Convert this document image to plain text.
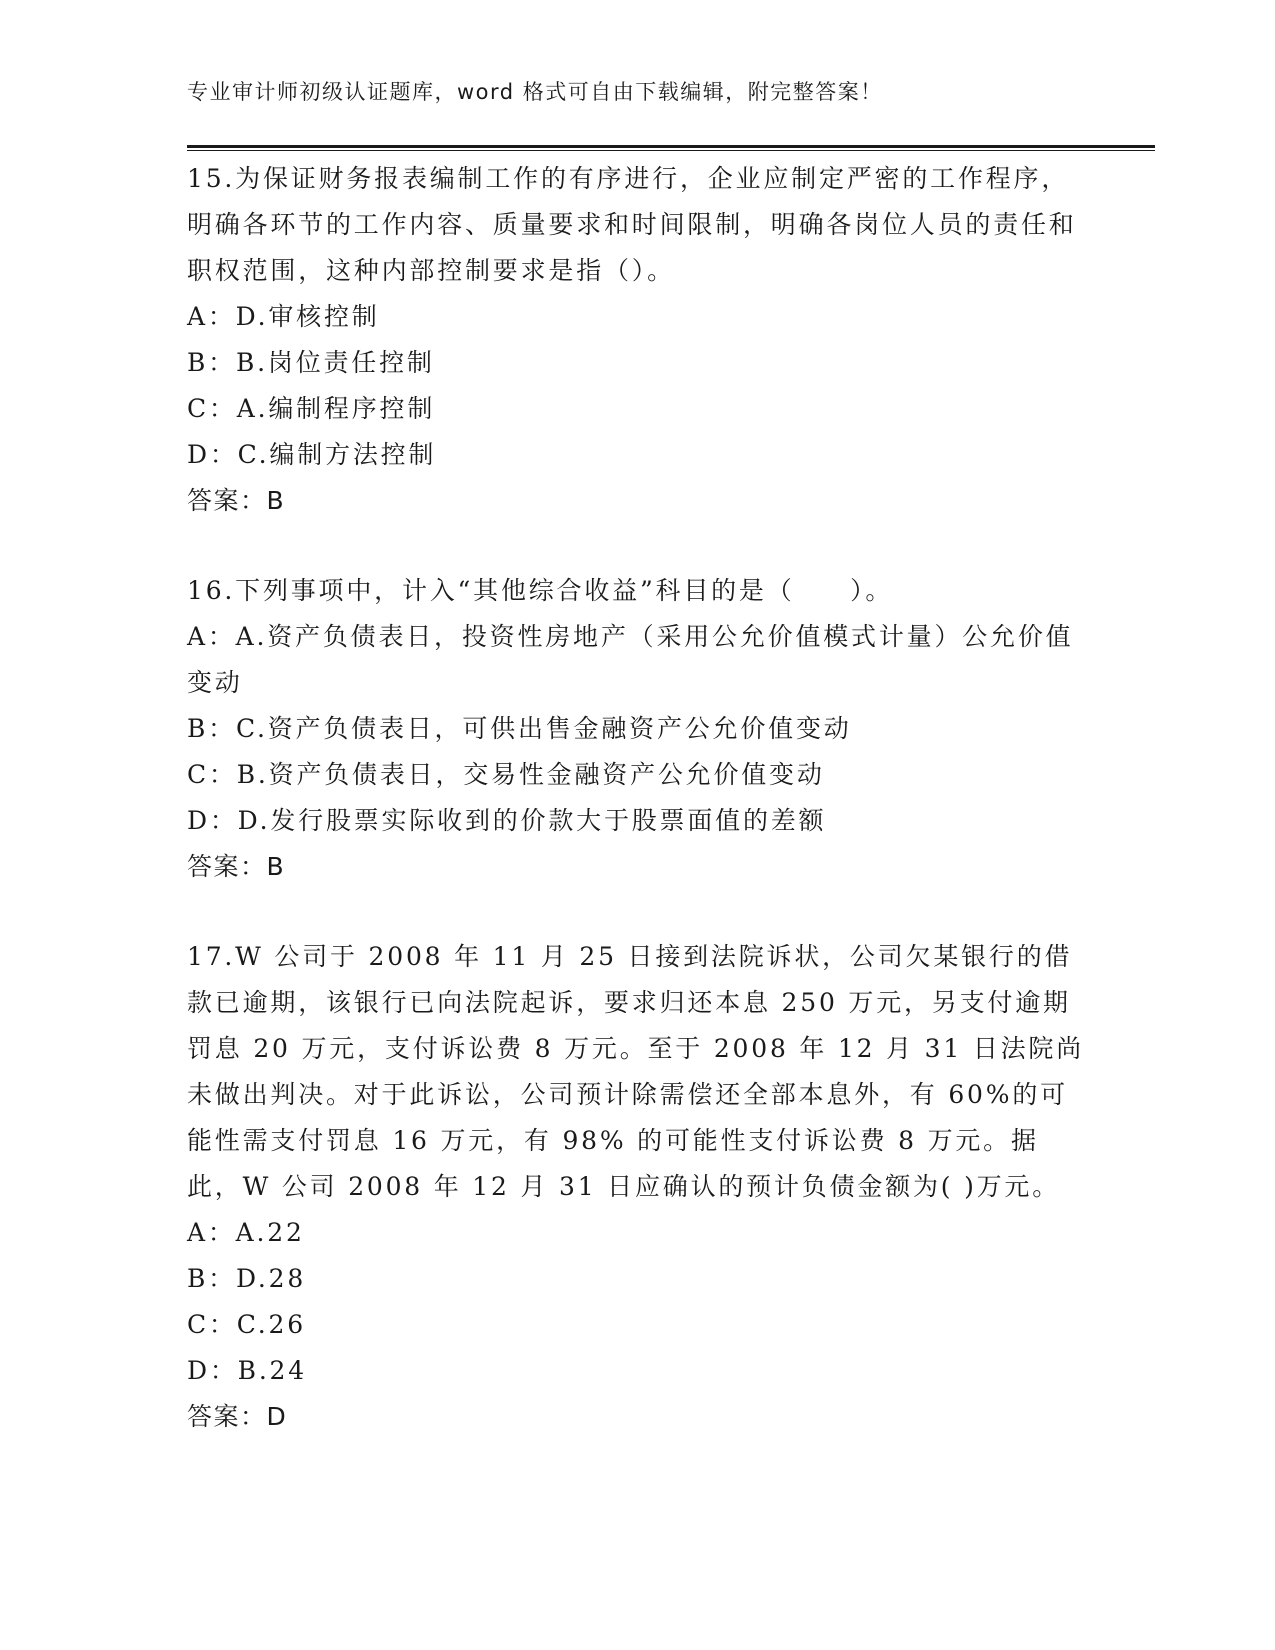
专业审计师初级认证题库，word 格式可自由下载编辑，附完整答案！

15.为保证财务报表编制工作的有序进行，企业应制定严密的工作程序，明确各环节的工作内容、质量要求和时间限制，明确各岗位人员的责任和职权范围，这种内部控制要求是指（）。

A：D.审核控制

B：B.岗位责任控制

C：A.编制程序控制

D：C.编制方法控制

答案：B

16.下列事项中，计入“其他综合收益”科目的是（　　）。

A：A.资产负债表日，投资性房地产（采用公允价值模式计量）公允价值变动

B：C.资产负债表日，可供出售金融资产公允价值变动

C：B.资产负债表日，交易性金融资产公允价值变动

D：D.发行股票实际收到的价款大于股票面值的差额

答案：B

17.W 公司于 2008 年 11 月 25 日接到法院诉状，公司欠某银行的借款已逾期，该银行已向法院起诉，要求归还本息 250 万元，另支付逾期罚息 20 万元，支付诉讼费 8 万元。至于 2008 年 12 月 31 日法院尚未做出判决。对于此诉讼，公司预计除需偿还全部本息外，有 60%的可能性需支付罚息 16 万元，有 98% 的可能性支付诉讼费 8 万元。据此，W 公司 2008 年 12 月 31 日应确认的预计负债金额为( )万元。

A：A.22

B：D.28

C：C.26

D：B.24

答案：D
